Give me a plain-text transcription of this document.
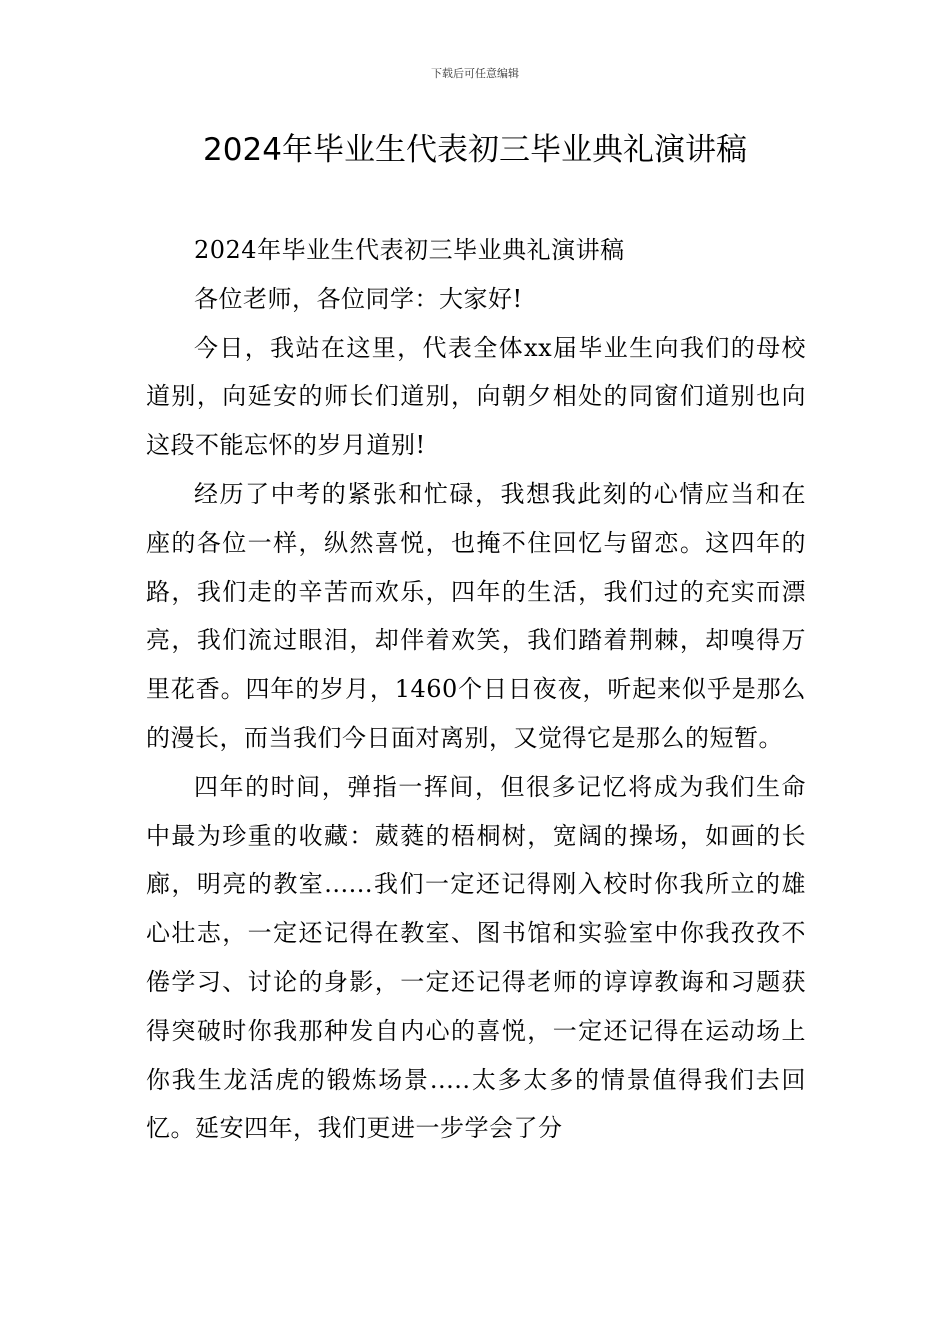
下载后可任意编辑
2024年毕业生代表初三毕业典礼演讲稿

2024年毕业生代表初三毕业典礼演讲稿

各位老师，各位同学：大家好!

今日，我站在这里，代表全体xx届毕业生向我们的母校道别，向延安的师长们道别，向朝夕相处的同窗们道别也向这段不能忘怀的岁月道别!

经历了中考的紧张和忙碌，我想我此刻的心情应当和在座的各位一样，纵然喜悦，也掩不住回忆与留恋。这四年的路，我们走的辛苦而欢乐，四年的生活，我们过的充实而漂亮，我们流过眼泪，却伴着欢笑，我们踏着荆棘，却嗅得万里花香。四年的岁月，1460个日日夜夜，听起来似乎是那么的漫长，而当我们今日面对离别，又觉得它是那么的短暂。

四年的时间，弹指一挥间，但很多记忆将成为我们生命中最为珍重的收藏：葳蕤的梧桐树，宽阔的操场，如画的长廊，明亮的教室......我们一定还记得刚入校时你我所立的雄心壮志，一定还记得在教室、图书馆和实验室中你我孜孜不倦学习、讨论的身影，一定还记得老师的谆谆教诲和习题获得突破时你我那种发自内心的喜悦，一定还记得在运动场上你我生龙活虎的锻炼场景.....太多太多的情景值得我们去回忆。延安四年，我们更进一步学会了分
